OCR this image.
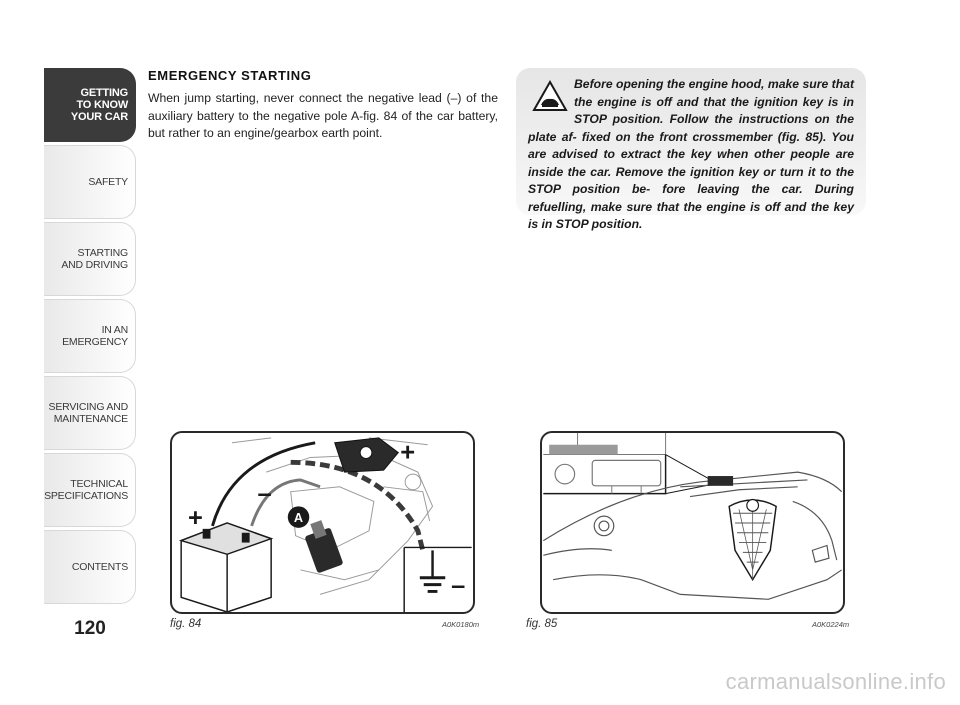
GETTING
TO KNOW
YOUR CAR
SAFETY
STARTING
AND DRIVING
IN AN
EMERGENCY
SERVICING AND
MAINTENANCE
TECHNICAL
SPECIFICATIONS
CONTENTS
120
EMERGENCY STARTING
When jump starting, never connect the negative lead (–) of the auxiliary battery to the negative pole A-fig. 84 of the car battery, but rather to an engine/gearbox earth point.
Before opening the engine hood, make sure that the engine is off and that the ignition key is in STOP position. Follow the instructions on the plate af- fixed on the front crossmember (fig. 85). You are advised to extract the key when other people are inside the car. Remove the ignition key or turn it to the STOP position be- fore leaving the car. During refuelling, make sure that the engine is off and the key is in STOP position.
A
+
+
–
–
fig. 84	A0K0180m	fig. 85	A0K0224m
carmanualsonline.info
